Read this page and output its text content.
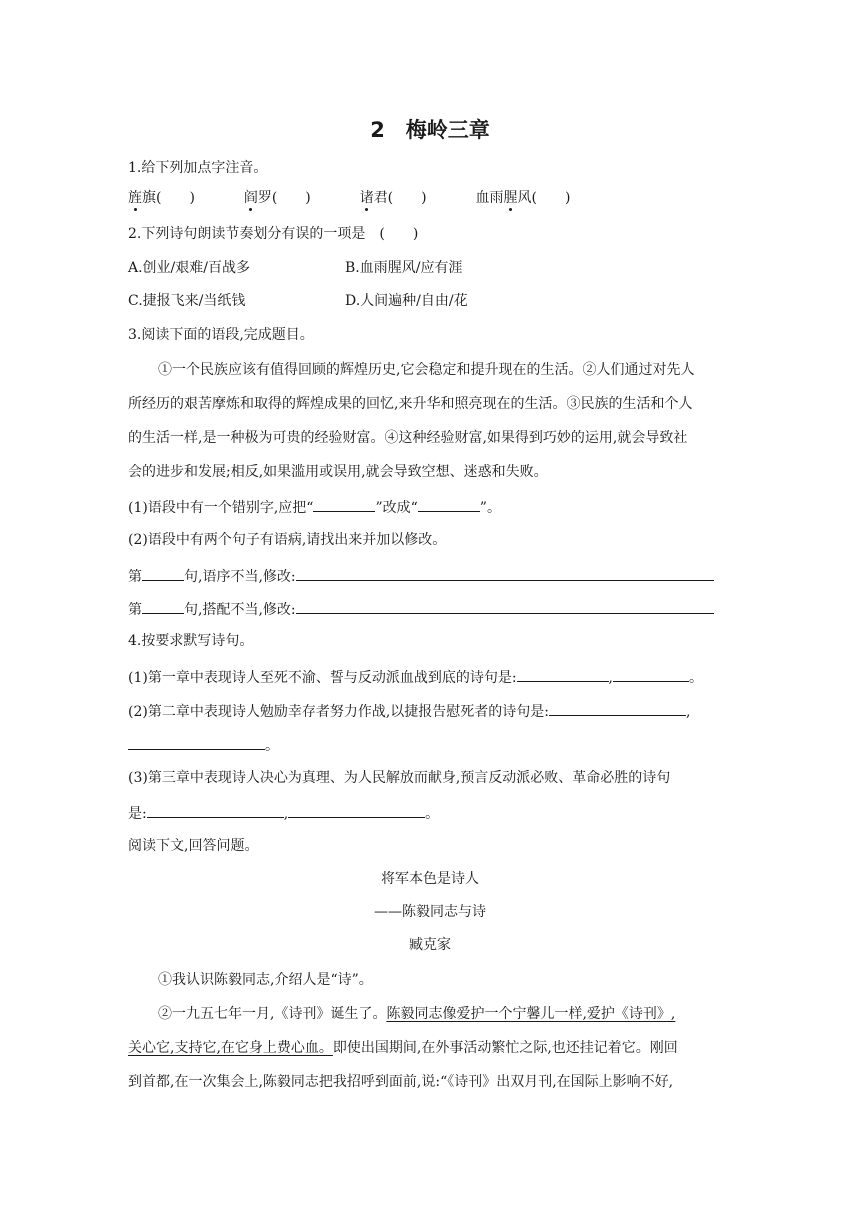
2　梅岭三章
1.给下列加点字注音。
旌旗(　　)	阎罗(　　)	诸君(　　)	血雨腥风(　　)
2.下列诗句朗读节奏划分有误的一项是　(　　)
A.创业/艰难/百战多	B.血雨腥风/应有涯
C.捷报飞来/当纸钱	D.人间遍种/自由/花
3.阅读下面的语段,完成题目。
①一个民族应该有值得回顾的辉煌历史,它会稳定和提升现在的生活。②人们通过对先人
所经历的艰苦摩炼和取得的辉煌成果的回忆,来升华和照亮现在的生活。③民族的生活和个人
的生活一样,是一种极为可贵的经验财富。④这种经验财富,如果得到巧妙的运用,就会导致社
会的进步和发展;相反,如果滥用或误用,就会导致空想、迷惑和失败。
(1)语段中有一个错别字,应把“	”改成“	”。
(2)语段中有两个句子有语病,请找出来并加以修改。
第	句,语序不当,修改:
第	句,搭配不当,修改:
4.按要求默写诗句。
(1)第一章中表现诗人至死不渝、誓与反动派血战到底的诗句是:	,	。
(2)第二章中表现诗人勉励幸存者努力作战,以捷报告慰死者的诗句是:	,
。
(3)第三章中表现诗人决心为真理、为人民解放而献身,预言反动派必败、革命必胜的诗句
是:	,	。
阅读下文,回答问题。
将军本色是诗人
——陈毅同志与诗
臧克家
①我认识陈毅同志,介绍人是“诗”。
②一九五七年一月,《诗刊》诞生了。陈毅同志像爱护一个宁馨儿一样,爱护《诗刊》,
关心它,支持它,在它身上费心血。即使出国期间,在外事活动繁忙之际,也还挂记着它。刚回
到首都,在一次集会上,陈毅同志把我招呼到面前,说:“《诗刊》出双月刊,在国际上影响不好,
